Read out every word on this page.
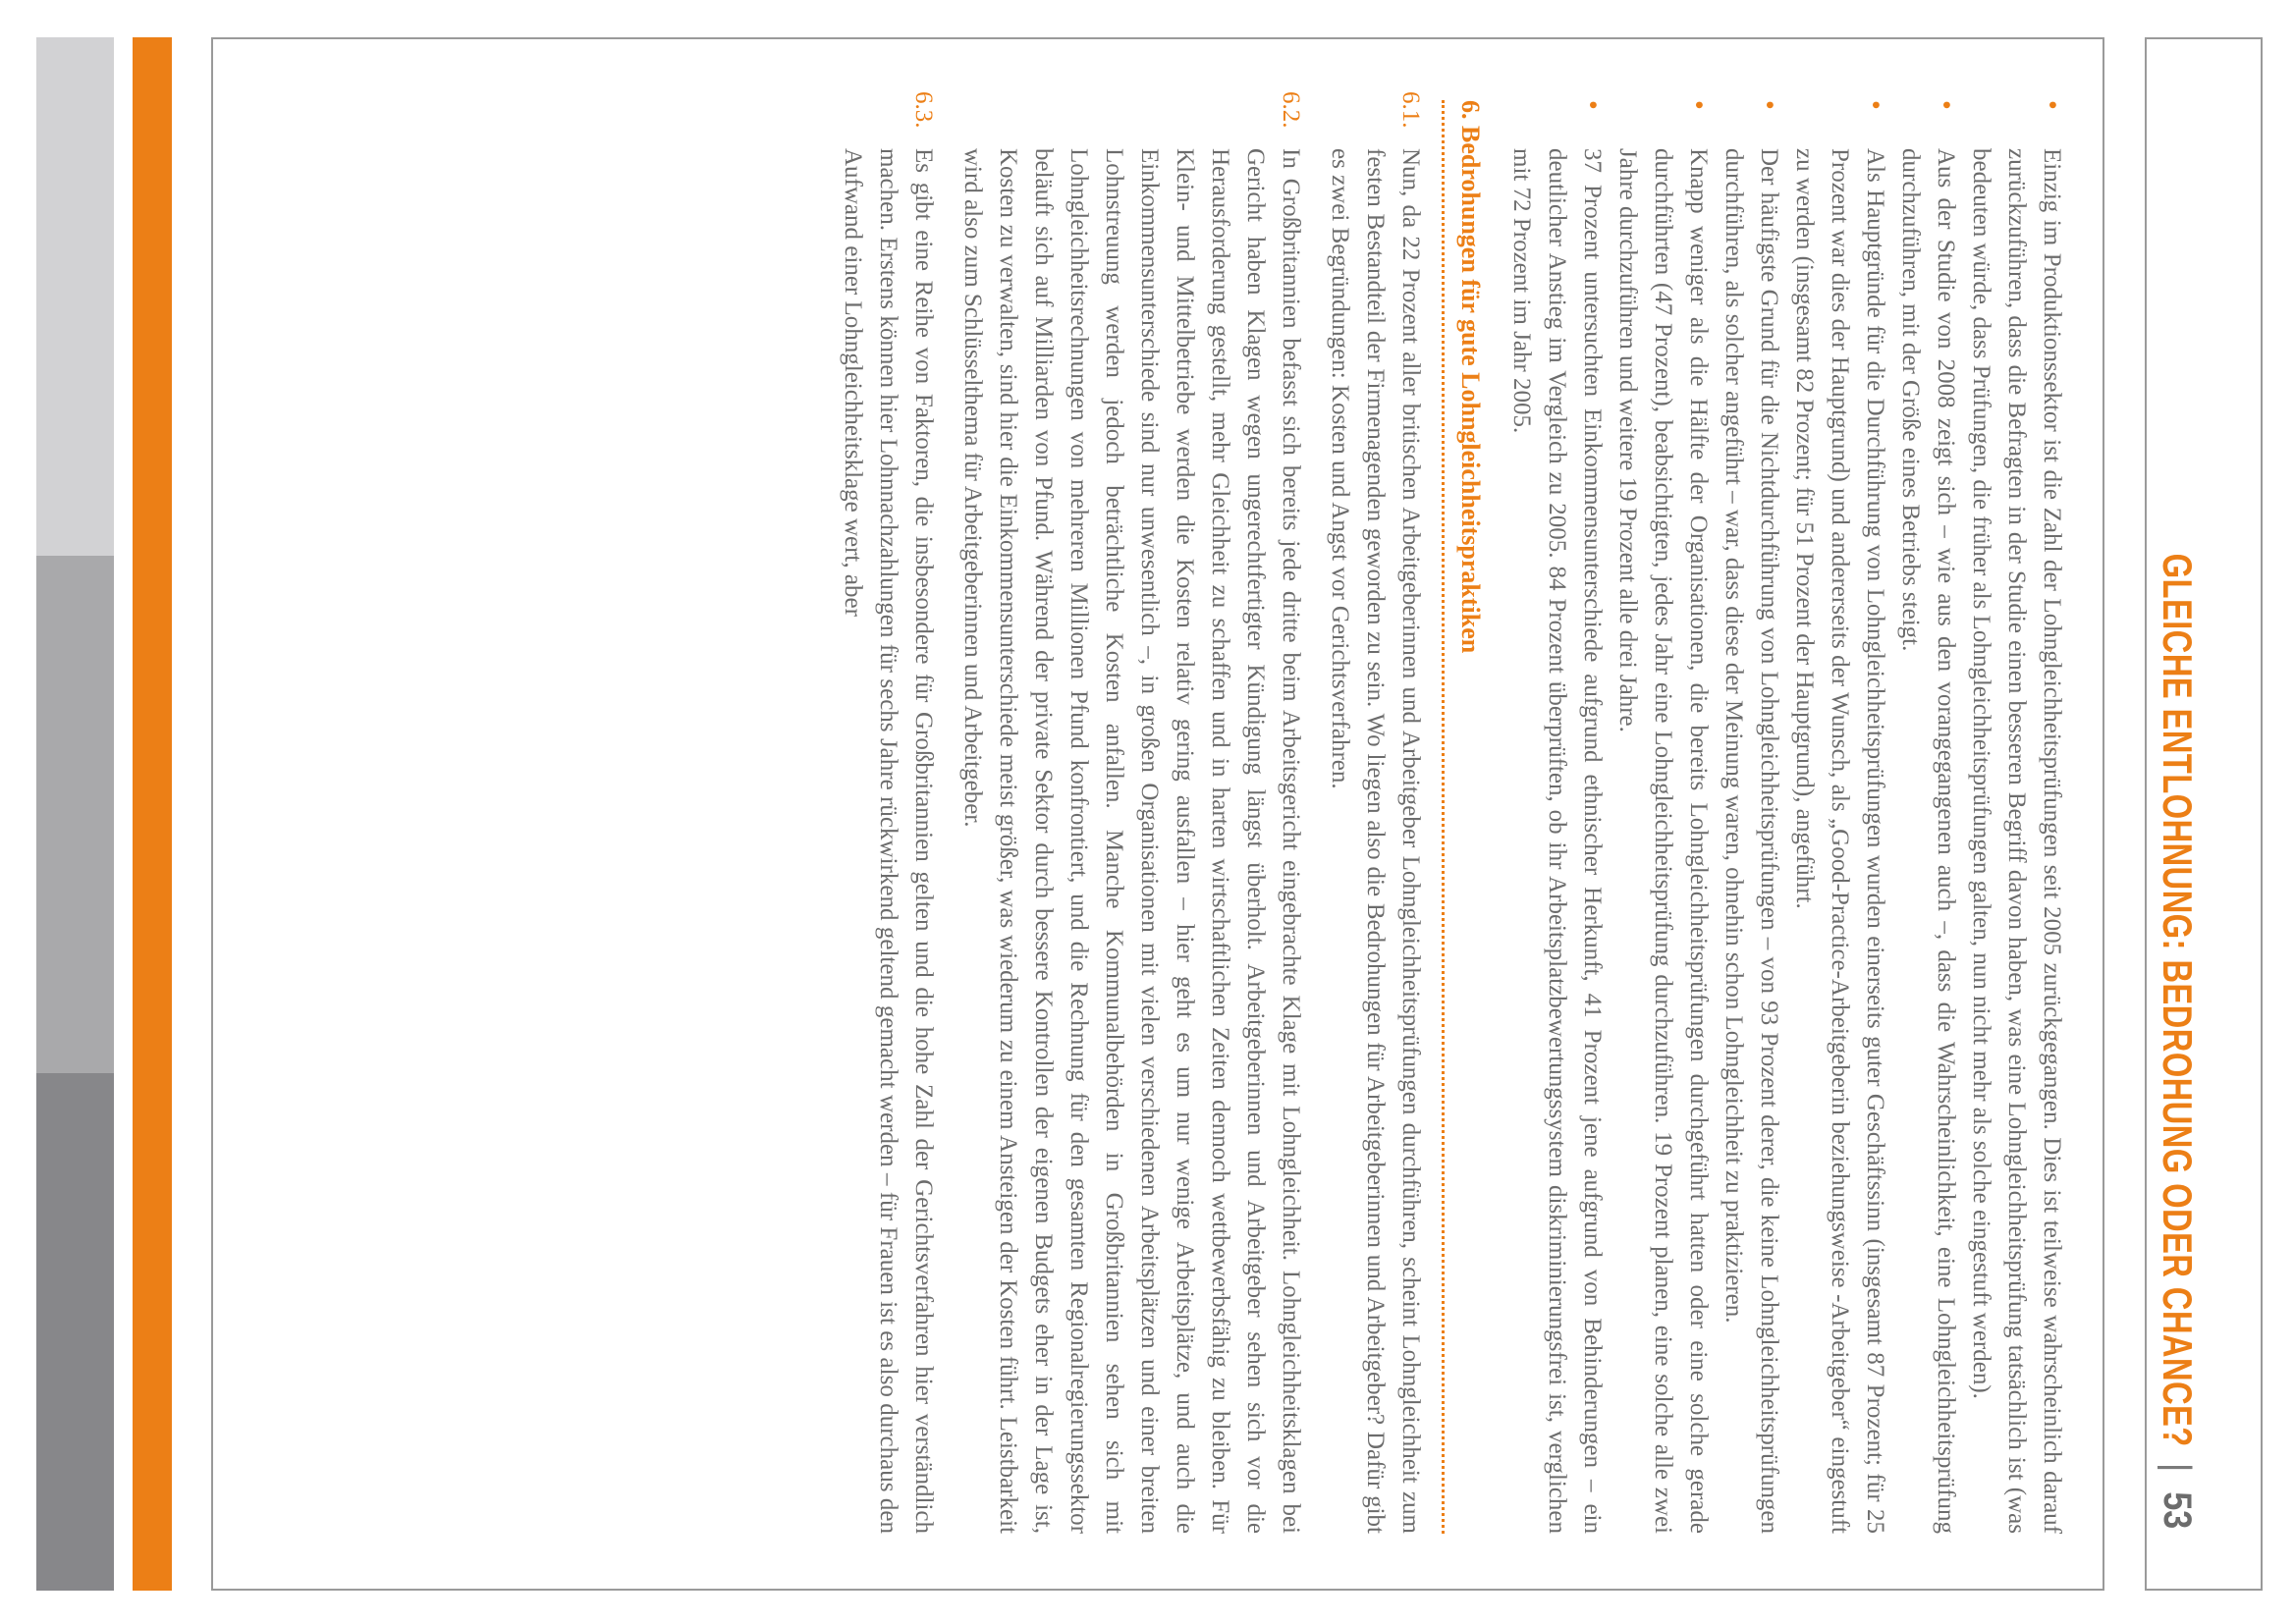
GLEICHE ENTLOHNUNG: BEDROHUNG ODER CHANCE?
|
53
•
Einzig im Produktionssektor ist die Zahl der Lohngleichheitsprüfungen seit 2005 zurückgegangen. Dies ist teilweise wahrscheinlich darauf zurückzuführen, dass die Befragten in der Studie einen besseren Begriff davon haben, was eine Lohngleichheitsprüfung tatsächlich ist (was bedeuten würde, dass Prüfungen, die früher als Lohngleichheitsprüfungen galten, nun nicht mehr als solche eingestuft werden).
•
Aus der Studie von 2008 zeigt sich – wie aus den vorangegangenen auch –, dass die Wahrscheinlichkeit, eine Lohngleichheitsprüfung durchzuführen, mit der Größe eines Betriebs steigt.
•
Als Hauptgründe für die Durchführung von Lohngleichheitsprüfungen wurden einerseits guter Geschäftssinn (insgesamt 87 Prozent; für 25 Prozent war dies der Hauptgrund) und andererseits der Wunsch, als „Good-Practice-Arbeitgeberin beziehungsweise -Arbeitgeber“ eingestuft zu werden (insgesamt 82 Prozent; für 51 Prozent der Hauptgrund), angeführt.
•
Der häufigste Grund für die Nichtdurchführung von Lohngleichheitsprüfungen – von 93 Prozent derer, die keine Lohngleichheitsprüfungen durchführen, als solcher angeführt – war, dass diese der Meinung waren, ohnehin schon Lohngleichheit zu praktizieren.
•
Knapp weniger als die Hälfte der Organisationen, die bereits Lohngleichheitsprüfungen durchgeführt hatten oder eine solche gerade durchführten (47 Prozent), beabsichtigten, jedes Jahr eine Lohngleichheitsprüfung durchzuführen. 19 Prozent planen, eine solche alle zwei Jahre durchzuführen und weitere 19 Prozent alle drei Jahre.
•
37 Prozent untersuchten Einkommensunterschiede aufgrund ethnischer Herkunft, 41 Prozent jene aufgrund von Behinderungen – ein deutlicher Anstieg im Vergleich zu 2005. 84 Prozent überprüften, ob ihr Arbeitsplatzbewertungssystem diskriminierungsfrei ist, verglichen mit 72 Prozent im Jahr 2005.
6. Bedrohungen für gute Lohngleichheitspraktiken
6.1.
Nun, da 22 Prozent aller britischen Arbeitgeberinnen und Arbeitgeber Lohngleichheitsprüfungen durchführen, scheint Lohngleichheit zum festen Bestandteil der Firmenagenden geworden zu sein. Wo liegen also die Bedrohungen für Arbeitgeberinnen und Arbeitgeber? Dafür gibt es zwei Begründungen: Kosten und Angst vor Gerichtsverfahren.
6.2.
In Großbritannien befasst sich bereits jede dritte beim Arbeitsgericht eingebrachte Klage mit Lohngleichheit. Lohngleichheitsklagen bei Gericht haben Klagen wegen ungerechtfertigter Kündigung längst überholt. Arbeitgeberinnen und Arbeitgeber sehen sich vor die Herausforderung gestellt, mehr Gleichheit zu schaffen und in harten wirtschaftlichen Zeiten dennoch wettbewerbsfähig zu bleiben. Für Klein- und Mittelbetriebe werden die Kosten relativ gering ausfallen – hier geht es um nur wenige Arbeitsplätze, und auch die Einkommensunterschiede sind nur unwesentlich –, in großen Organisationen mit vielen verschiedenen Arbeitsplätzen und einer breiten Lohnstreuung werden jedoch beträchtliche Kosten anfallen. Manche Kommunalbehörden in Großbritannien sehen sich mit Lohngleichheitsrechnungen von mehreren Millionen Pfund konfrontiert, und die Rechnung für den gesamten Regionalregierungssektor beläuft sich auf Milliarden von Pfund. Während der private Sektor durch bessere Kontrollen der eigenen Budgets eher in der Lage ist, Kosten zu verwalten, sind hier die Einkommensunterschiede meist größer, was wiederum zu einem Ansteigen der Kosten führt. Leistbarkeit wird also zum Schlüsselthema für Arbeitgeberinnen und Arbeitgeber.
6.3.
Es gibt eine Reihe von Faktoren, die insbesondere für Großbritannien gelten und die hohe Zahl der Gerichtsverfahren hier verständlich machen. Erstens können hier Lohnnachzahlungen für sechs Jahre rückwirkend geltend gemacht werden – für Frauen ist es also durchaus den Aufwand einer Lohngleichheitsklage wert, aber
